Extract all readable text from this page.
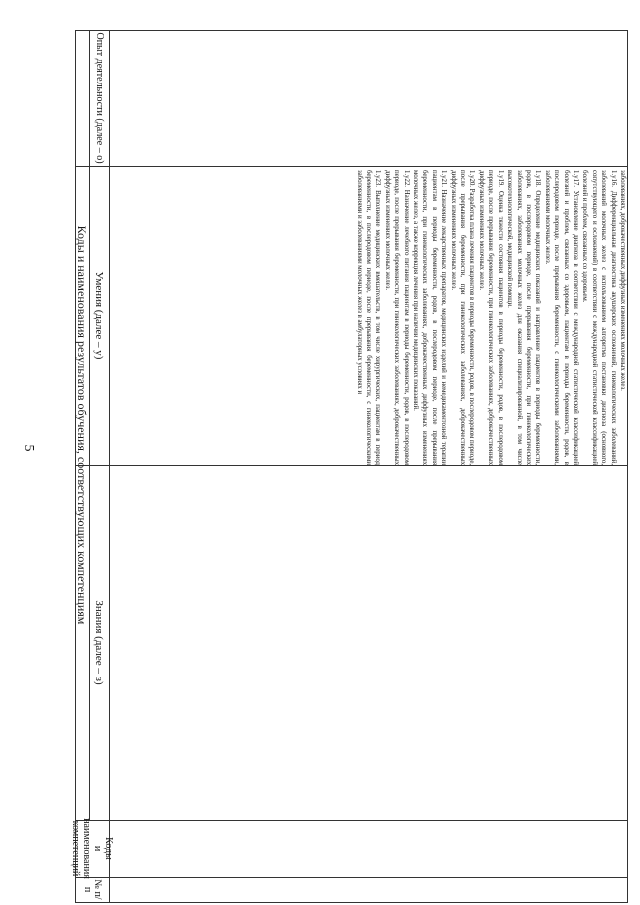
5	Коды и наименования результатов обучения, соответствующих компетенциям
Опыт деятельности (далее – о)
Умения (далее – у)
Знания (далее – з)
Коды
и наименования
компетенций
№ п/п

заболеваниях, доброкачественных диффузных изменениях молочных желез.

1.у16. Дифференциальная диагностика акушерских осложнений, гинекологических заболеваний, заболеваний молочных желез с использованием алгоритма постановки диагноза (основного, сопутствующего и осложнений) в соответствии с международной статистической классификацией болезней и проблем, связанных со здоровьем.

1.у17. Установление диагноза в соответствии с международной статистической классификацией болезней и проблем, связанных со здоровьем, пациентам в периоды беременности, родов, в послеродовом периоде, после прерывания беременности, с гинекологическими заболеваниями, заболеваниями молочных желез.

1.у18. Определение медицинских показаний и направление пациентов в периоды беременности, родов, в послеродовом периоде, после прерывания беременности, при гинекологических заболеваниях, заболеваниях молочных желез для оказания специализированной, в том числе высокотехнологической, медицинской помощи.

1.у19. Оценка тяжести состояния пациентов в периоды беременности, родов, в послеродовом периоде, после прерывания беременности, при гинекологических заболеваниях, доброкачественных диффузных изменениях молочных желез.

1.у20. Разработка плана лечения пациентов в периоды беременности, родов, в послеродовом периоде, после прерывания беременности, при гинекологических заболеваниях, доброкачественных диффузных изменениях молочных желез.

1.у21. Назначение лекарственных препаратов, медицинских изделий и немедикаментозной терапии пациентам в периоды беременности, родов, в послеродовом периоде, после прерывания беременности, при гинекологических заболеваниях, доброкачественных диффузных изменениях молочных желез, а также коррекция лечения при наличии медицинских показаний.

1.у22. Назначение лечебного питания пациентам в периоды беременности, родов, в послеродовом периоде, после прерывания беременности, при гинекологических заболеваниях, доброкачественных диффузных изменениях молочных желез.

1.у23. Выполнение медицинских вмешательств, в том числе хирургических, пациентам в период беременности, в послеродовом периоде, после прерывания беременности, с гинекологическими заболеваниями и заболеваниями молочных желез в амбулаторных условиях и
